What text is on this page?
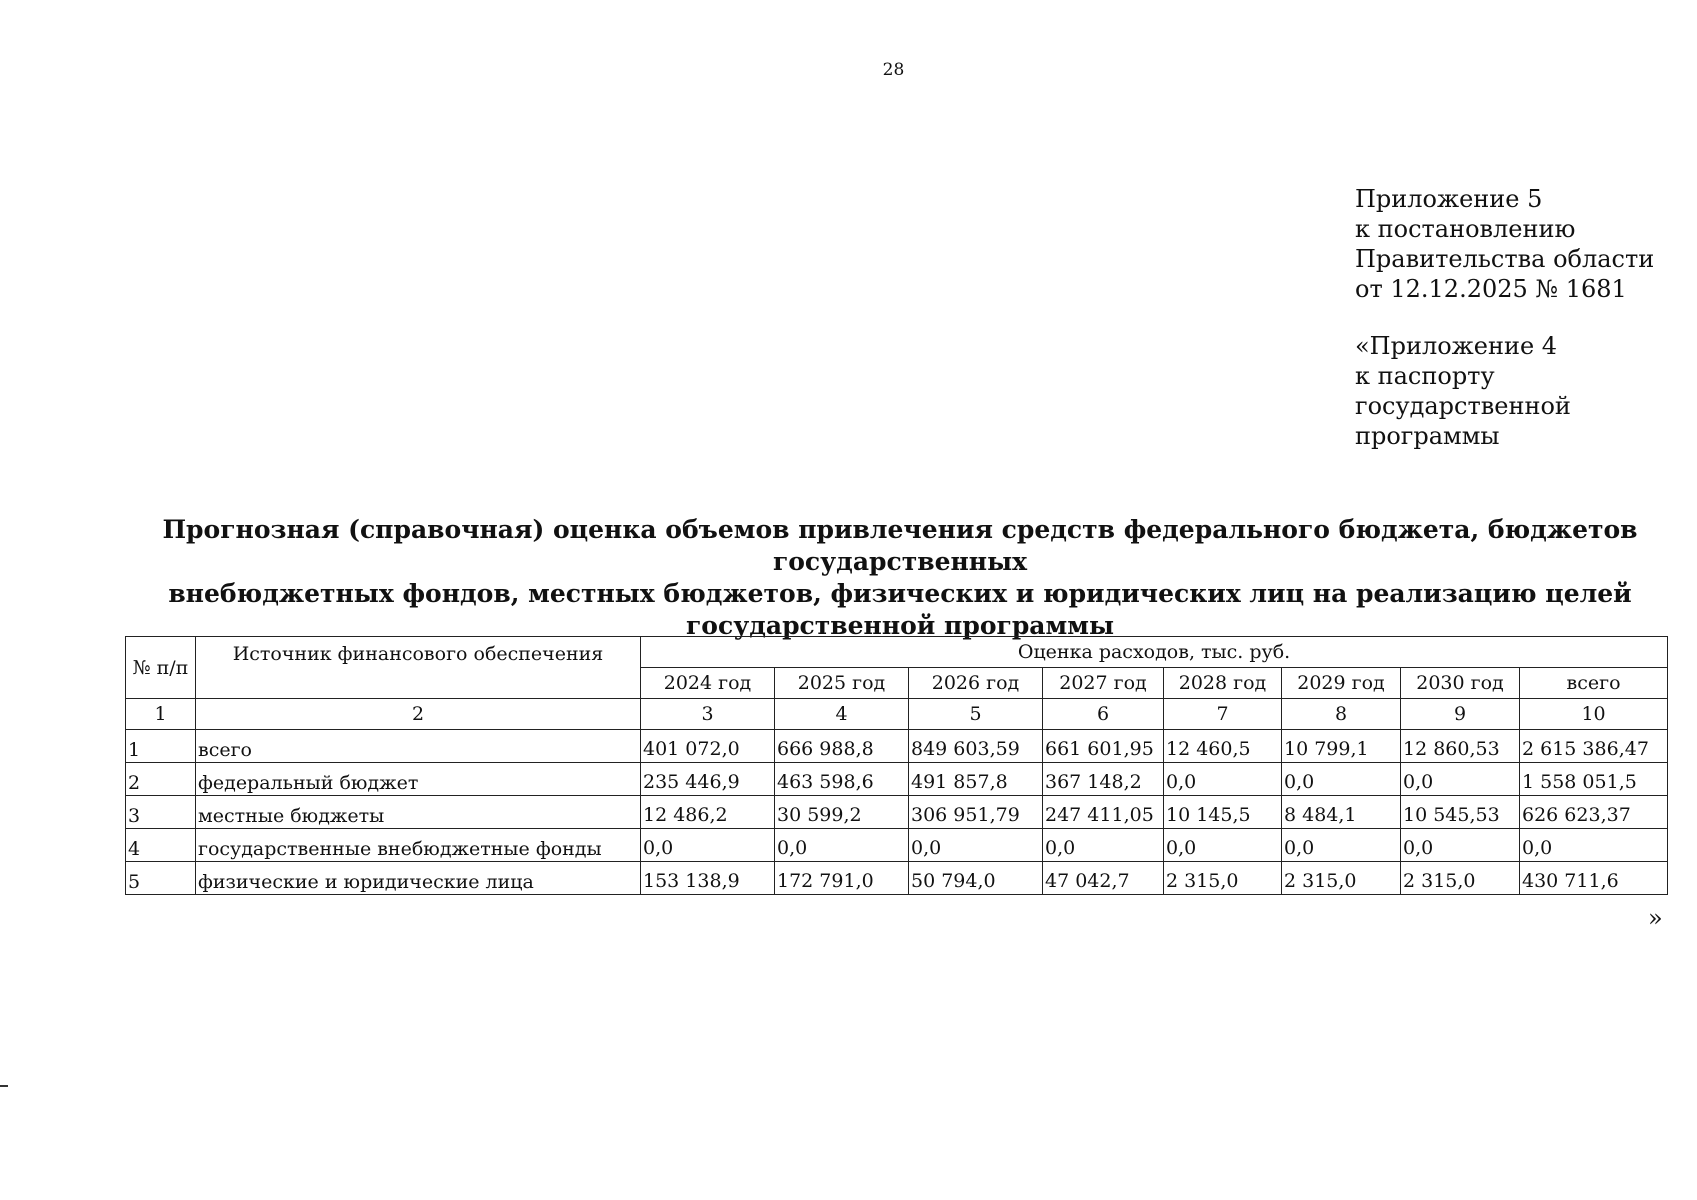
28
Приложение 5
к постановлению
Правительства области
от 12.12.2025 № 1681
«Приложение 4
к паспорту
государственной
программы
Прогнозная (справочная) оценка объемов привлечения средств федерального бюджета, бюджетов государственных
внебюджетных фондов, местных бюджетов, физических и юридических лиц на реализацию целей
государственной программы
№ п/п	Источник финансового обеспечения	Оценка расходов, тыс. руб.							
		2024 год	2025 год	2026 год	2027 год	2028 год	2029 год	2030 год	всего
1	2	3	4	5	6	7	8	9	10
1	всего	401 072,0	666 988,8	849 603,59	661 601,95	12 460,5	10 799,1	12 860,53	2 615 386,47
2	федеральный бюджет	235 446,9	463 598,6	491 857,8	367 148,2	0,0	0,0	0,0	1 558 051,5
3	местные бюджеты	12 486,2	30 599,2	306 951,79	247 411,05	10 145,5	8 484,1	10 545,53	626 623,37
4	государственные внебюджетные фонды	0,0	0,0	0,0	0,0	0,0	0,0	0,0	0,0
5	физические и юридические лица	153 138,9	172 791,0	50 794,0	47 042,7	2 315,0	2 315,0	2 315,0	430 711,6
»
